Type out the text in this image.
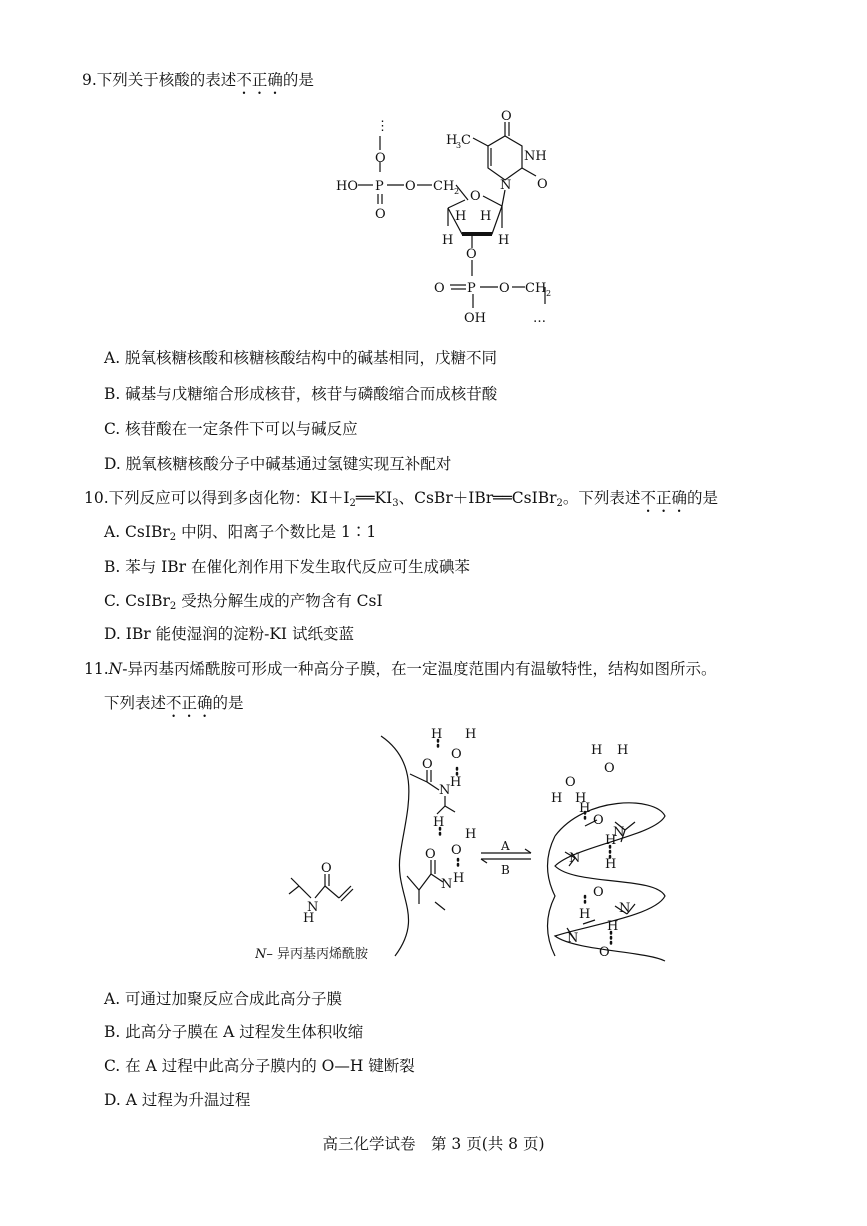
9.下列关于核酸的表述不正确的是
⋮
O
HO P O
O
CH 2 O
H H
H	H
O
N
O
NH
O
H
3 C
O P O CH 2
OH	…
A. 脱氧核糖核酸和核糖核酸结构中的碱基相同，戊糖不同
B. 碱基与戊糖缩合形成核苷，核苷与磷酸缩合而成核苷酸
C. 核苷酸在一定条件下可以与碱反应
D. 脱氧核糖核酸分子中碱基通过氢键实现互补配对
10.下列反应可以得到多卤化物：$KI+I_2══KI_3$、CsBr＋IBr══CsIBr$_2$。下列表述不正确的是
A. CsIBr$_2$ 中阴、阳离子个数比是 1∶1
B. 苯与 IBr 在催化剂作用下发生取代反应可生成碘苯
C. CsIBr$_2$ 受热分解生成的产物含有 CsI
D. IBr 能使湿润的淀粉-KI 试纸变蓝
11.N-异丙基丙烯酰胺可形成一种高分子膜，在一定温度范围内有温敏特性，结构如图所示。
下列表述不正确的是
H
N
O
H H
O
H
N
O
H
H
O
H
N
O
A
B
H H
O
O
H H
H
O
N
N
H
H
O
N
H
N
H
O
N– 异丙基丙烯酰胺
A. 可通过加聚反应合成此高分子膜
B. 此高分子膜在 A 过程发生体积收缩
C. 在 A 过程中此高分子膜内的 O—H 键断裂
D. A 过程为升温过程
高三化学试卷　第 3 页(共 8 页)
